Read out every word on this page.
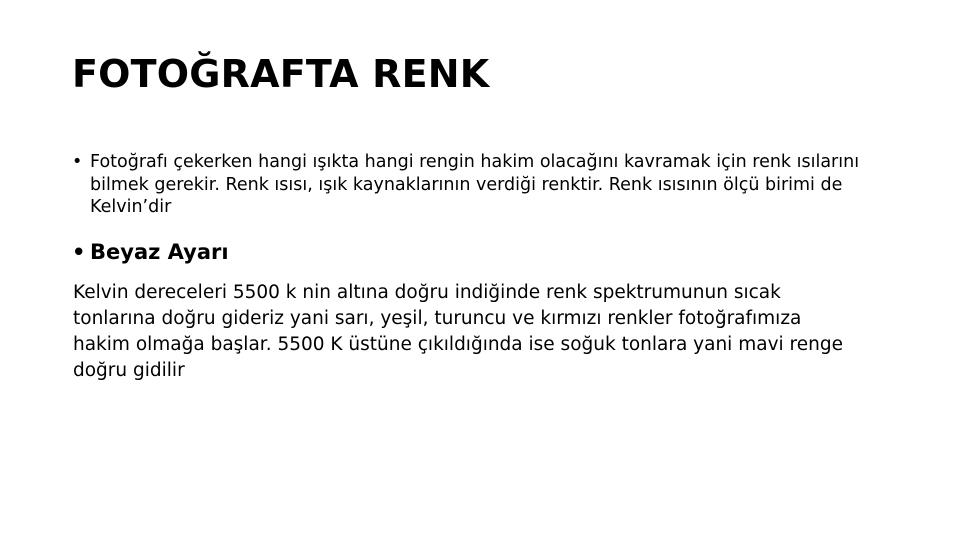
FOTOĞRAFTA RENK
• Fotoğrafı çekerken hangi ışıkta hangi rengin hakim olacağını kavramak için renk ısılarını bilmek gerekir. Renk ısısı, ışık kaynaklarının verdiği renktir. Renk ısısının ölçü birimi de Kelvin’dir
• Beyaz Ayarı
Kelvin dereceleri 5500 k nin altına doğru indiğinde renk spektrumunun sıcak
tonlarına doğru gideriz yani sarı, yeşil, turuncu ve kırmızı renkler fotoğrafımıza
hakim olmağa başlar. 5500 K üstüne çıkıldığında ise soğuk tonlara yani mavi renge
doğru gidilir
